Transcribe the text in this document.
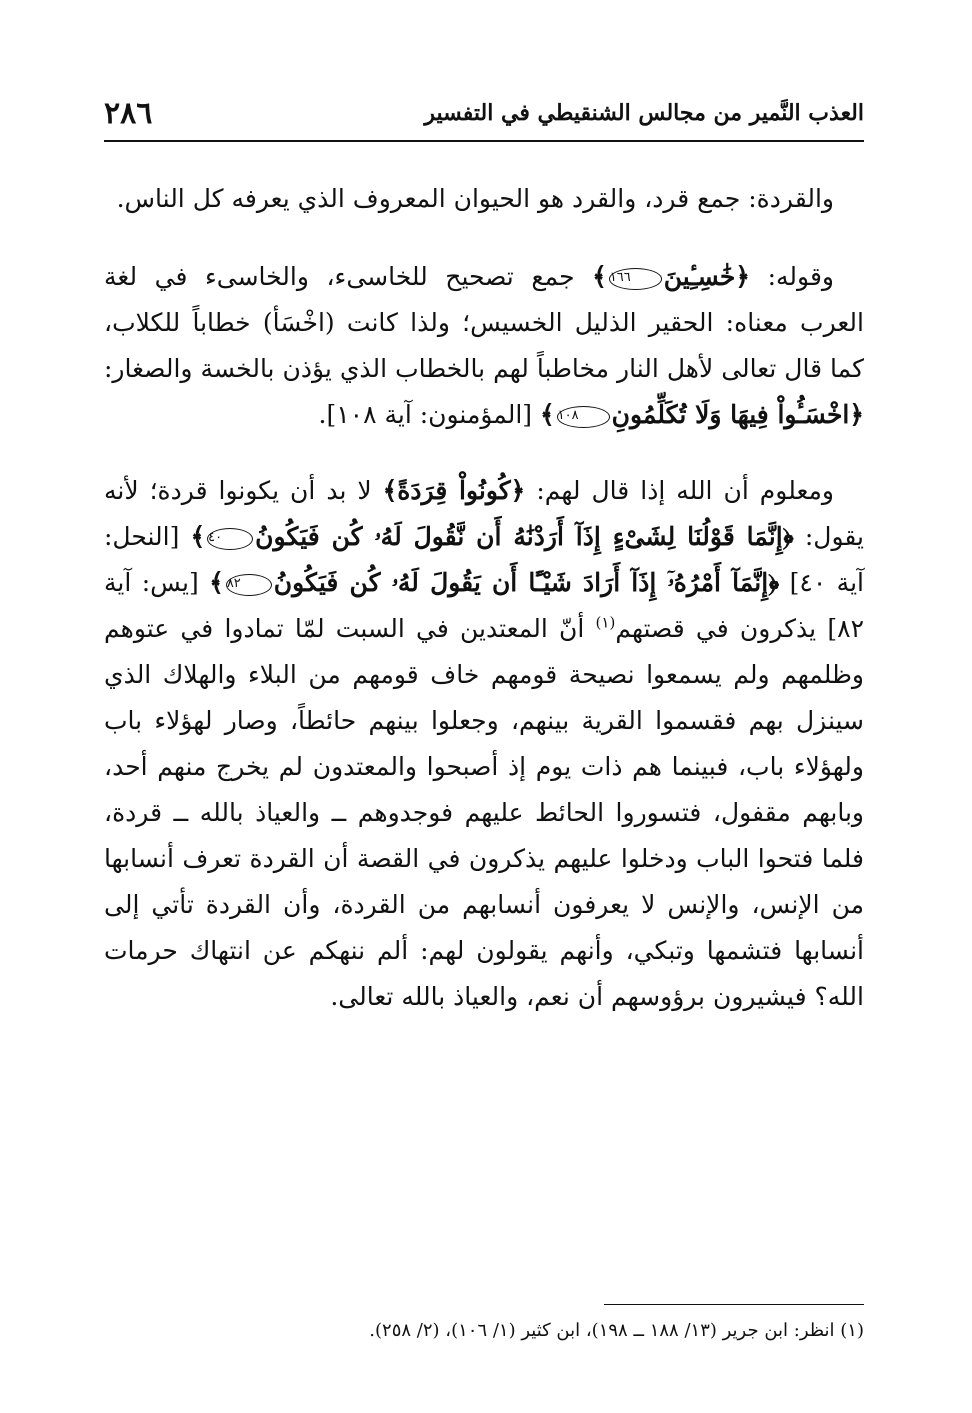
العذب النَّمير من مجالس الشنقيطي في التفسير
٢٨٦

والقردة: جمع قرد، والقرد هو الحيوان المعروف الذي يعرفه كل الناس.

وقوله: ﴿خَٰسِـِٔينَ١٦٦﴾ جمع تصحيح للخاسىء، والخاسىء في لغة العرب معناه: الحقير الذليل الخسيس؛ ولذا كانت (اخْسَأ) خطاباً للكلاب، كما قال تعالى لأهل النار مخاطباً لهم بالخطاب الذي يؤذن بالخسة والصغار: ﴿اخْسَـُٔواْ فِيهَا وَلَا تُكَلِّمُونِ١٠٨﴾ [المؤمنون: آية ١٠٨].

ومعلوم أن الله إذا قال لهم: ﴿كُونُواْ قِرَدَةً﴾ لا بد أن يكونوا قردة؛ لأنه يقول: ﴿إِنَّمَا قَوْلُنَا لِشَىْءٍ إِذَآ أَرَدْنَٰهُ أَن نَّقُولَ لَهُۥ كُن فَيَكُونُ٤٠﴾ [النحل: آية ٤٠] ﴿إِنَّمَآ أَمْرُهُۥٓ إِذَآ أَرَادَ شَيْـًٔا أَن يَقُولَ لَهُۥ كُن فَيَكُونُ٨٢﴾ [يس: آية ٨٢] يذكرون في قصتهم$^{(١)}$ أنّ المعتدين في السبت لمّا تمادوا في عتوهم وظلمهم ولم يسمعوا نصيحة قومهم خاف قومهم من البلاء والهلاك الذي سينزل بهم فقسموا القرية بينهم، وجعلوا بينهم حائطاً، وصار لهؤلاء باب ولهؤلاء باب، فبينما هم ذات يوم إذ أصبحوا والمعتدون لم يخرج منهم أحد، وبابهم مقفول، فتسوروا الحائط عليهم فوجدوهم ــ والعياذ بالله ــ قردة، فلما فتحوا الباب ودخلوا عليهم يذكرون في القصة أن القردة تعرف أنسابها من الإنس، والإنس لا يعرفون أنسابهم من القردة، وأن القردة تأتي إلى أنسابها فتشمها وتبكي، وأنهم يقولون لهم: ألم ننهكم عن انتهاك حرمات الله؟ فيشيرون برؤوسهم أن نعم، والعياذ بالله تعالى.

(١) انظر: ابن جرير (١٣/ ١٨٨ ــ ١٩٨)، ابن كثير (١/ ١٠٦)، (٢/ ٢٥٨).
